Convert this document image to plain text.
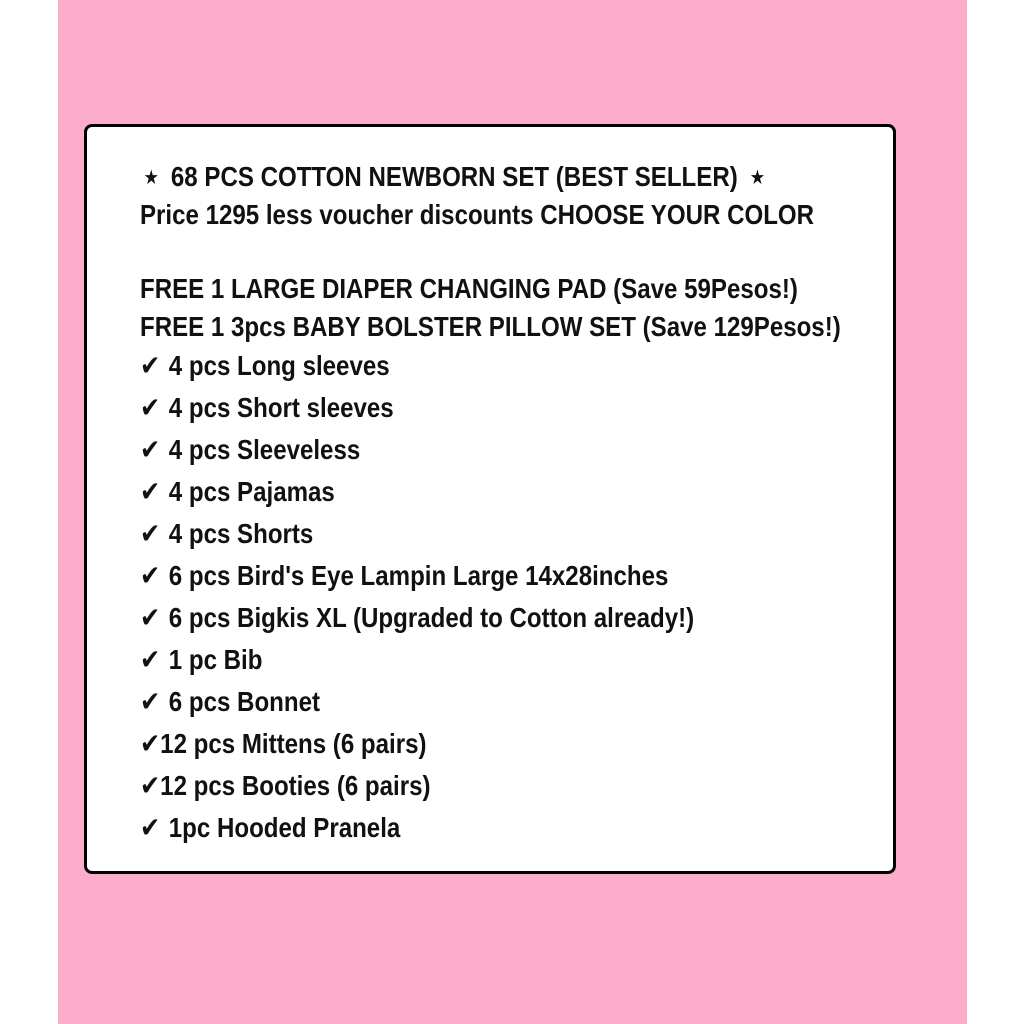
★ 68 PCS COTTON NEWBORN SET (BEST SELLER) ★
Price 1295 less voucher discounts CHOOSE YOUR COLOR
FREE 1 LARGE DIAPER CHANGING PAD (Save 59Pesos!)
FREE 1 3pcs BABY BOLSTER PILLOW SET (Save 129Pesos!)
✔ 4 pcs Long sleeves
✔ 4 pcs Short sleeves
✔ 4 pcs Sleeveless
✔ 4 pcs Pajamas
✔ 4 pcs Shorts
✔ 6 pcs Bird's Eye Lampin Large 14x28inches
✔ 6 pcs Bigkis XL (Upgraded to Cotton already!)
✔ 1 pc Bib
✔ 6 pcs Bonnet
✔12 pcs Mittens (6 pairs)
✔12 pcs Booties (6 pairs)
✔ 1pc Hooded Pranela
